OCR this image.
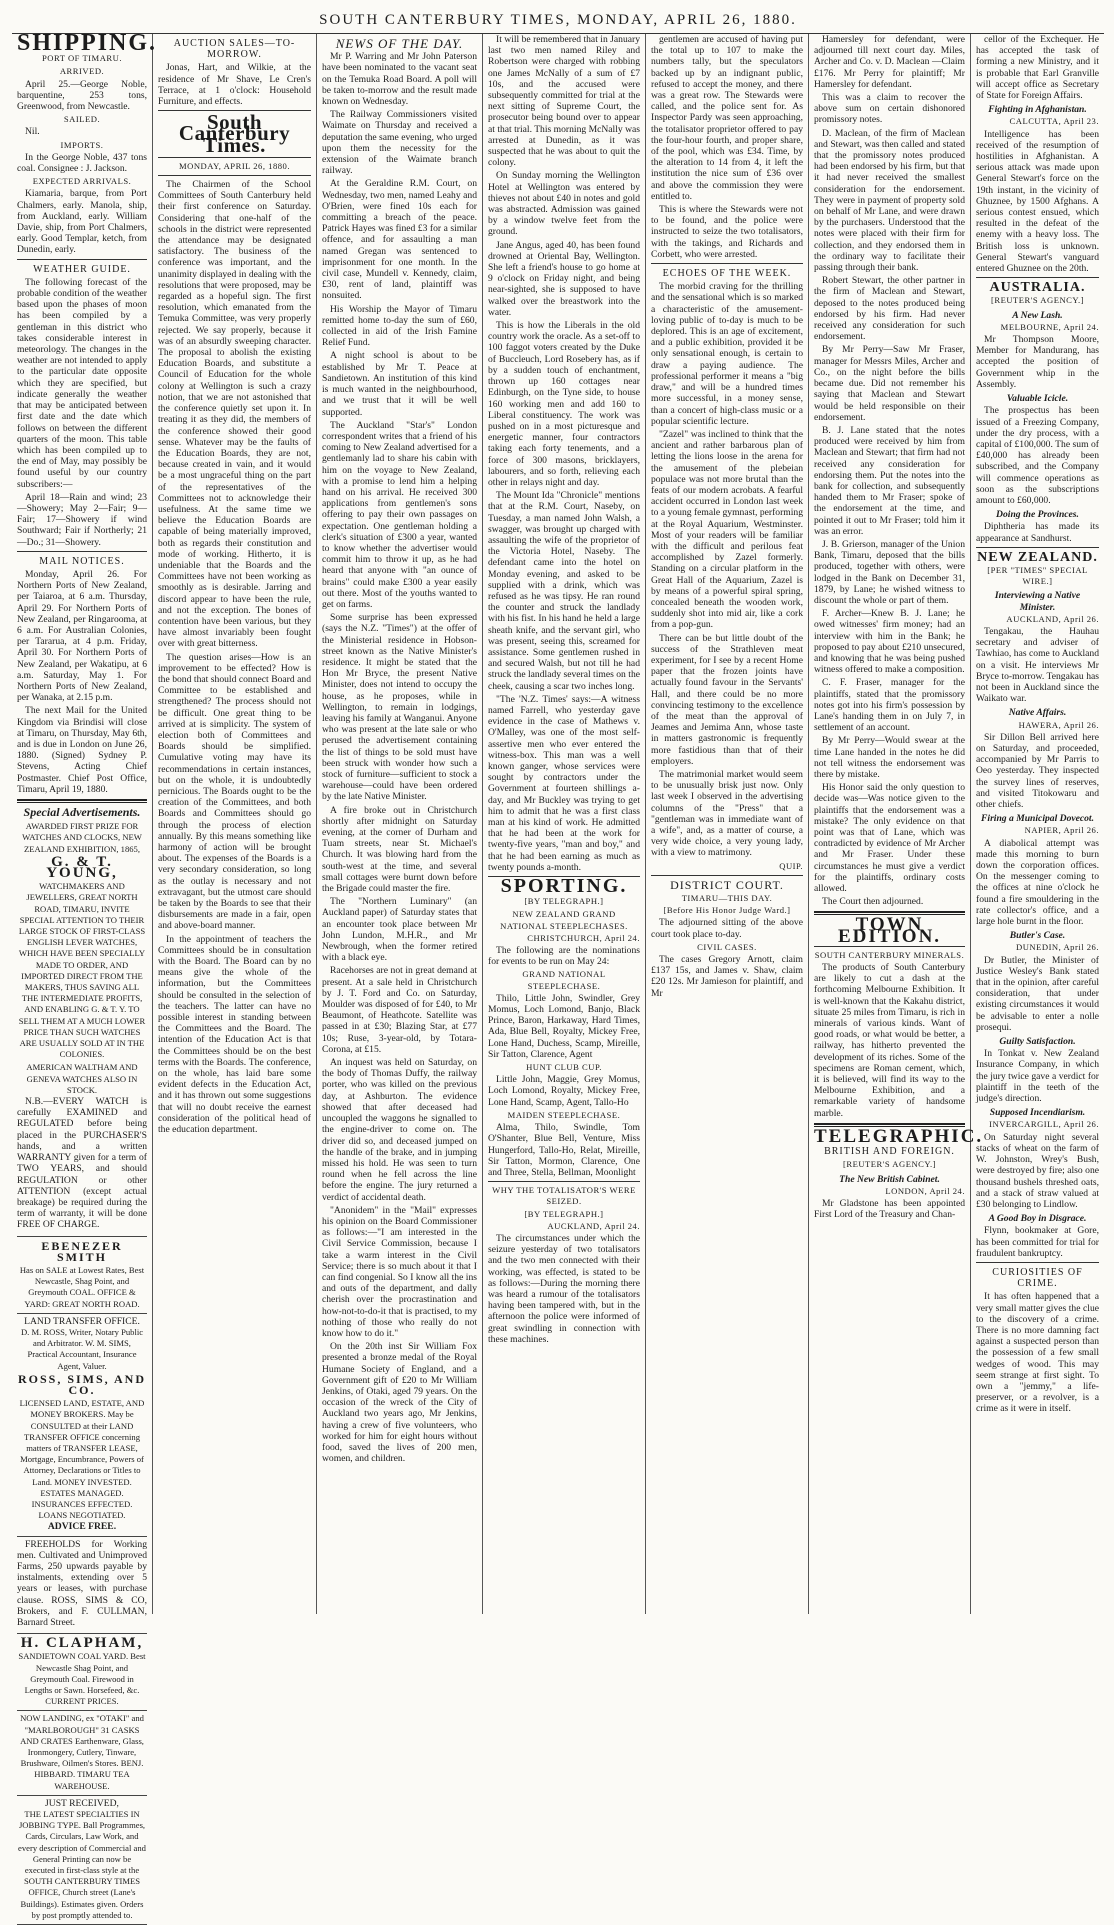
SOUTH CANTERBURY TIMES, MONDAY, APRIL 26, 1880.
SHIPPING.
PORT OF TIMARU.
ARRIVED.

April 25.—George Noble, barquentine, 253 tons, Greenwood, from Newcastle.

SAILED.

Nil.

IMPORTS.

In the George Noble, 437 tons coal. Consignee : J. Jackson.

EXPECTED ARRIVALS.

Kiamaria, barque, from Port Chalmers, early. Manola, ship, from Auckland, early. William Davie, ship, from Port Chalmers, early. Good Templar, ketch, from Dunedin, early.

WEATHER GUIDE.

The following forecast of the probable condition of the weather based upon the phases of moon has been compiled by a gentleman in this district who takes considerable interest in meteorology. The changes in the weather are not intended to apply to the particular date opposite which they are specified, but indicate generally the weather that may be anticipated between first date and the date which follows on between the different quarters of the moon. This table which has been compiled up to the end of May, may possibly be found useful by our country subscribers:—

April 18—Rain and wind; 23—Showery; May 2—Fair; 9—Fair; 17—Showery if wind Southward; Fair if Northerly; 21—Do.; 31—Showery.

MAIL NOTICES.

Monday, April 26. For Northern Ports of New Zealand, per Taiaroa, at 6 a.m. Thursday, April 29. For Northern Ports of New Zealand, per Ringarooma, at 6 a.m. For Australian Colonies, per Tararua, at 4 p.m. Friday, April 30. For Northern Ports of New Zealand, per Wakatipu, at 6 a.m. Saturday, May 1. For Northern Ports of New Zealand, per Wanaka, at 2.15 p.m.

The next Mail for the United Kingdom via Brindisi will close at Timaru, on Thursday, May 6th, and is due in London on June 26, 1880. (Signed) Sydney P. Stevens, Acting Chief Postmaster. Chief Post Office, Timaru, April 19, 1880.

Special Advertisements.
AWARDED FIRST PRIZE FOR WATCHES AND CLOCKS, NEW ZEALAND EXHIBITION, 1865,
G. & T. YOUNG,
WATCHMAKERS AND JEWELLERS, GREAT NORTH ROAD, TIMARU, INVITE SPECIAL ATTENTION TO THEIR LARGE STOCK OF FIRST-CLASS ENGLISH LEVER WATCHES, WHICH HAVE BEEN SPECIALLY MADE TO ORDER, AND IMPORTED DIRECT FROM THE MAKERS, THUS SAVING ALL THE INTERMEDIATE PROFITS, AND ENABLING G. & T. Y. TO SELL THEM AT A MUCH LOWER PRICE THAN SUCH WATCHES ARE USUALLY SOLD AT IN THE COLONIES.
AMERICAN WALTHAM AND GENEVA WATCHES ALSO IN STOCK.

N.B.—EVERY WATCH is carefully EXAMINED and REGULATED before being placed in the PURCHASER'S hands, and a written WARRANTY given for a term of TWO YEARS, and should REGULATION or other ATTENTION (except actual breakage) be required during the term of warranty, it will be done FREE OF CHARGE.

EBENEZER SMITH
Has on SALE at Lowest Rates, Best Newcastle, Shag Point, and Greymouth COAL. OFFICE & YARD: GREAT NORTH ROAD.
LAND TRANSFER OFFICE.
D. M. ROSS, Writer, Notary Public and Arbitrator. W. M. SIMS, Practical Accountant, Insurance Agent, Valuer.
ROSS, SIMS, AND CO.
LICENSED LAND, ESTATE, AND MONEY BROKERS. May be CONSULTED at their LAND TRANSFER OFFICE concerning matters of TRANSFER LEASE, Mortgage, Encumbrance, Powers of Attorney, Declarations or Titles to Land. MONEY INVESTED. ESTATES MANAGED. INSURANCES EFFECTED. LOANS NEGOTIATED.
ADVICE FREE.

FREEHOLDS for Working men. Cultivated and Unimproved Farms, 250 upwards payable by instalments, extending over 5 years or leases, with purchase clause. ROSS, SIMS & CO, Brokers, and F. CULLMAN, Barnard Street.

H. CLAPHAM,
SANDIETOWN COAL YARD. Best Newcastle Shag Point, and Greymouth Coal. Firewood in Lengths or Sawn. Horsefeed, &c. CURRENT PRICES.
NOW LANDING, ex "OTAKI" and "MARLBOROUGH" 31 CASKS AND CRATES Earthenware, Glass, Ironmongery, Cutlery, Tinware, Brushware, Oilmen's Stores. BENJ. HIBBARD. TIMARU TEA WAREHOUSE.
JUST RECEIVED,
THE LATEST SPECIALTIES IN JOBBING TYPE. Ball Programmes, Cards, Circulars, Law Work, and every description of Commercial and General Printing can now be executed in first-class style at the SOUTH CANTERBURY TIMES OFFICE, Church street (Lane's Buildings). Estimates given. Orders by post promptly attended to.
AUCTION SALES—TO-MORROW.

Jonas, Hart, and Wilkie, at the residence of Mr Shave, Le Cren's Terrace, at 1 o'clock: Household Furniture, and effects.

South Canterbury Times.
MONDAY, APRIL 26, 1880.

The Chairmen of the School Committees of South Canterbury held their first conference on Saturday. Considering that one-half of the schools in the district were represented the attendance may be designated satisfactory. The business of the conference was important, and the unanimity displayed in dealing with the resolutions that were proposed, may be regarded as a hopeful sign. The first resolution, which emanated from the Temuka Committee, was very properly rejected. We say properly, because it was of an absurdly sweeping character. The proposal to abolish the existing Education Boards, and substitute a Council of Education for the whole colony at Wellington is such a crazy notion, that we are not astonished that the conference quietly set upon it. In treating it as they did, the members of the conference showed their good sense. Whatever may be the faults of the Education Boards, they are not, because created in vain, and it would be a most ungraceful thing on the part of the representatives of the Committees not to acknowledge their usefulness. At the same time we believe the Education Boards are capable of being materially improved, both as regards their constitution and mode of working. Hitherto, it is undeniable that the Boards and the Committees have not been working as smoothly as is desirable. Jarring and discord appear to have been the rule, and not the exception. The bones of contention have been various, but they have almost invariably been fought over with great bitterness.

The question arises—How is an improvement to be effected? How is the bond that should connect Board and Committee to be established and strengthened? The process should not be difficult. One great thing to be arrived at is simplicity. The system of election both of Committees and Boards should be simplified. Cumulative voting may have its recommendations in certain instances, but on the whole, it is undoubtedly pernicious. The Boards ought to be the creation of the Committees, and both Boards and Committees should go through the process of election annually. By this means something like harmony of action will be brought about. The expenses of the Boards is a very secondary consideration, so long as the outlay is necessary and not extravagant, but the utmost care should be taken by the Boards to see that their disbursements are made in a fair, open and above-board manner.

In the appointment of teachers the Committees should be in consultation with the Board. The Board can by no means give the whole of the information, but the Committees should be consulted in the selection of the teachers. The latter can have no possible interest in standing between the Committees and the Board. The intention of the Education Act is that the Committees should be on the best terms with the Boards. The conference, on the whole, has laid bare some evident defects in the Education Act, and it has thrown out some suggestions that will no doubt receive the earnest consideration of the political head of the education department.

NEWS OF THE DAY.

Mr P. Warring and Mr John Paterson have been nominated to the vacant seat on the Temuka Road Board. A poll will be taken to-morrow and the result made known on Wednesday.

The Railway Commissioners visited Waimate on Thursday and received a deputation the same evening, who urged upon them the necessity for the extension of the Waimate branch railway.

At the Geraldine R.M. Court, on Wednesday, two men, named Leahy and O'Brien, were fined 10s each for committing a breach of the peace. Patrick Hayes was fined £3 for a similar offence, and for assaulting a man named Gregan was sentenced to imprisonment for one month. In the civil case, Mundell v. Kennedy, claim, £30, rent of land, plaintiff was nonsuited.

His Worship the Mayor of Timaru remitted home to-day the sum of £60, collected in aid of the Irish Famine Relief Fund.

A night school is about to be established by Mr T. Peace at Sandietown. An institution of this kind is much wanted in the neighbourhood, and we trust that it will be well supported.

The Auckland "Star's" London correspondent writes that a friend of his coming to New Zealand advertised for a gentlemanly lad to share his cabin with him on the voyage to New Zealand, with a promise to lend him a helping hand on his arrival. He received 300 applications from gentlemen's sons offering to pay their own passages on expectation. One gentleman holding a clerk's situation of £300 a year, wanted to know whether the advertiser would commit him to throw it up, as he had heard that anyone with "an ounce of brains" could make £300 a year easily out there. Most of the youths wanted to get on farms.

Some surprise has been expressed (says the N.Z. "Times") at the offer of the Ministerial residence in Hobson-street known as the Native Minister's residence. It might be stated that the Hon Mr Bryce, the present Native Minister, does not intend to occupy the house, as he proposes, while in Wellington, to remain in lodgings, leaving his family at Wanganui. Anyone who was present at the late sale or who perused the advertisement containing the list of things to be sold must have been struck with wonder how such a stock of furniture—sufficient to stock a warehouse—could have been ordered by the late Native Minister.

A fire broke out in Christchurch shortly after midnight on Saturday evening, at the corner of Durham and Tuam streets, near St. Michael's Church. It was blowing hard from the south-west at the time, and several small cottages were burnt down before the Brigade could master the fire.

The "Northern Luminary" (an Auckland paper) of Saturday states that an encounter took place between Mr John Lundon, M.H.R., and Mr Newbrough, when the former retired with a black eye.

Racehorses are not in great demand at present. At a sale held in Christchurch by J. T. Ford and Co. on Saturday, Moulder was disposed of for £40, to Mr Beaumont, of Heathcote. Satellite was passed in at £30; Blazing Star, at £77 10s; Ruse, 3-year-old, by Totara-Corona, at £15.

An inquest was held on Saturday, on the body of Thomas Duffy, the railway porter, who was killed on the previous day, at Ashburton. The evidence showed that after deceased had uncoupled the waggons he signalled to the engine-driver to come on. The driver did so, and deceased jumped on the handle of the brake, and in jumping missed his hold. He was seen to turn round when he fell across the line before the engine. The jury returned a verdict of accidental death.

"Anonidem" in the "Mail" expresses his opinion on the Board Commissioner as follows:—"I am interested in the Civil Service Commission, because I take a warm interest in the Civil Service; there is so much about it that I can find congenial. So I know all the ins and outs of the department, and dally cherish over the procrastination and how-not-to-do-it that is practised, to my nothing of those who really do not know how to do it."

On the 20th inst Sir William Fox presented a bronze medal of the Royal Humane Society of England, and a Government gift of £20 to Mr William Jenkins, of Otaki, aged 79 years. On the occasion of the wreck of the City of Auckland two years ago, Mr Jenkins, having a crew of five volunteers, who worked for him for eight hours without food, saved the lives of 200 men, women, and children.

It will be remembered that in January last two men named Riley and Robertson were charged with robbing one James McNally of a sum of £7 10s, and the accused were subsequently committed for trial at the next sitting of Supreme Court, the prosecutor being bound over to appear at that trial. This morning McNally was arrested at Dunedin, as it was suspected that he was about to quit the colony.

On Sunday morning the Wellington Hotel at Wellington was entered by thieves not about £40 in notes and gold was abstracted. Admission was gained by a window twelve feet from the ground.

Jane Angus, aged 40, has been found drowned at Oriental Bay, Wellington. She left a friend's house to go home at 9 o'clock on Friday night, and being near-sighted, she is supposed to have walked over the breastwork into the water.

This is how the Liberals in the old country work the oracle. As a set-off to 100 faggot voters created by the Duke of Buccleuch, Lord Rosebery has, as if by a sudden touch of enchantment, thrown up 160 cottages near Edinburgh, on the Tyne side, to house 160 working men and add 160 to Liberal constituency. The work was pushed on in a most picturesque and energetic manner, four contractors taking each forty tenements, and a force of 300 masons, bricklayers, labourers, and so forth, relieving each other in relays night and day.

The Mount Ida "Chronicle" mentions that at the R.M. Court, Naseby, on Tuesday, a man named John Walsh, a swagger, was brought up charged with assaulting the wife of the proprietor of the Victoria Hotel, Naseby. The defendant came into the hotel on Monday evening, and asked to be supplied with a drink, which was refused as he was tipsy. He ran round the counter and struck the landlady with his fist. In his hand he held a large sheath knife, and the servant girl, who was present, seeing this, screamed for assistance. Some gentlemen rushed in and secured Walsh, but not till he had struck the landlady several times on the cheek, causing a scar two inches long.

"The 'N.Z. Times' says:—A witness named Farrell, who yesterday gave evidence in the case of Mathews v. O'Malley, was one of the most self-assertive men who ever entered the witness-box. This man was a well known ganger, whose services were sought by contractors under the Government at fourteen shillings a-day, and Mr Buckley was trying to get him to admit that he was a first class man at his kind of work. He admitted that he had been at the work for twenty-five years, "man and boy," and that he had been earning as much as twenty pounds a-month.

SPORTING.
[BY TELEGRAPH.]
NEW ZEALAND GRAND NATIONAL STEEPLECHASES.
CHRISTCHURCH, April 24.

The following are the nominations for events to be run on May 24:

GRAND NATIONAL STEEPLECHASE.

Thilo, Little John, Swindler, Grey Momus, Loch Lomond, Banjo, Black Prince, Baron, Harkaway, Hard Times, Ada, Blue Bell, Royalty, Mickey Free, Lone Hand, Duchess, Scamp, Mireille, Sir Tatton, Clarence, Agent

HUNT CLUB CUP.

Little John, Maggie, Grey Momus, Loch Lomond, Royalty, Mickey Free, Lone Hand, Scamp, Agent, Tallo-Ho

MAIDEN STEEPLECHASE.

Alma, Thilo, Swindle, Tom O'Shanter, Blue Bell, Venture, Miss Hungerford, Tallo-Ho, Relat, Mireille, Sir Tatton, Mormon, Clarence, One and Three, Stella, Bellman, Moonlight

WHY THE TOTALISATOR'S WERE SEIZED.
[BY TELEGRAPH.]
AUCKLAND, April 24.

The circumstances under which the seizure yesterday of two totalisators and the two men connected with their working, was effected, is stated to be as follows:—During the morning there was heard a rumour of the totalisators having been tampered with, but in the afternoon the police were informed of great swindling in connection with these machines.

gentlemen are accused of having put the total up to 107 to make the numbers tally, but the speculators backed up by an indignant public, refused to accept the money, and there was a great row. The Stewards were called, and the police sent for. As Inspector Pardy was seen approaching, the totalisator proprietor offered to pay the four-hour fourth, and proper share, of the pool, which was £34. Time, by the alteration to 14 from 4, it left the institution the nice sum of £36 over and above the commission they were entitled to.

This is where the Stewards were not to be found, and the police were instructed to seize the two totalisators, with the takings, and Richards and Corbett, who were arrested.

ECHOES OF THE WEEK.

The morbid craving for the thrilling and the sensational which is so marked a characteristic of the amusement-loving public of to-day is much to be deplored. This is an age of excitement, and a public exhibition, provided it be only sensational enough, is certain to draw a paying audience. The professional performer it means a "big draw," and will be a hundred times more successful, in a money sense, than a concert of high-class music or a popular scientific lecture.

"Zazel" was inclined to think that the ancient and rather barbarous plan of letting the lions loose in the arena for the amusement of the plebeian populace was not more brutal than the feats of our modern acrobats. A fearful accident occurred in London last week to a young female gymnast, performing at the Royal Aquarium, Westminster. Most of your readers will be familiar with the difficult and perilous feat accomplished by Zazel formerly. Standing on a circular platform in the Great Hall of the Aquarium, Zazel is by means of a powerful spiral spring, concealed beneath the wooden work, suddenly shot into mid air, like a cork from a pop-gun.

There can be but little doubt of the success of the Strathleven meat experiment, for I see by a recent Home paper that the frozen joints have actually found favour in the Servants' Hall, and there could be no more convincing testimony to the excellence of the meat than the approval of Jeames and Jemima Ann, whose taste in matters gastronomic is frequently more fastidious than that of their employers.

The matrimonial market would seem to be unusually brisk just now. Only last week I observed in the advertising columns of the "Press" that a "gentleman was in immediate want of a wife", and, as a matter of course, a very wide choice, a very young lady, with a view to matrimony.

QUIP.
DISTRICT COURT.
TIMARU—THIS DAY.
[Before His Honor Judge Ward.]

The adjourned sitting of the above court took place to-day.

CIVIL CASES.

The cases Gregory Arnott, claim £137 15s, and James v. Shaw, claim £20 12s. Mr Jamieson for plaintiff, and Mr

Hamersley for defendant, were adjourned till next court day. Miles, Archer and Co. v. D. Maclean —Claim £176. Mr Perry for plaintiff; Mr Hamersley for defendant.

This was a claim to recover the above sum on certain dishonored promissory notes.

D. Maclean, of the firm of Maclean and Stewart, was then called and stated that the promissory notes produced had been endorsed by his firm, but that it had never received the smallest consideration for the endorsement. They were in payment of property sold on behalf of Mr Lane, and were drawn by the purchasers. Understood that the notes were placed with their firm for collection, and they endorsed them in the ordinary way to facilitate their passing through their bank.

Robert Stewart, the other partner in the firm of Maclean and Stewart, deposed to the notes produced being endorsed by his firm. Had never received any consideration for such endorsement.

By Mr Perry—Saw Mr Fraser, manager for Messrs Miles, Archer and Co., on the night before the bills became due. Did not remember his saying that Maclean and Stewart would be held responsible on their endorsement.

B. J. Lane stated that the notes produced were received by him from Maclean and Stewart; that firm had not received any consideration for endorsing them. Put the notes into the bank for collection, and subsequently handed them to Mr Fraser; spoke of the endorsement at the time, and pointed it out to Mr Fraser; told him it was an error.

J. B. Grierson, manager of the Union Bank, Timaru, deposed that the bills produced, together with others, were lodged in the Bank on December 31, 1879, by Lane; he wished witness to discount the whole or part of them.

F. Archer—Knew B. J. Lane; he owed witnesses' firm money; had an interview with him in the Bank; he proposed to pay about £210 unsecured, and knowing that he was being pushed witness offered to make a composition.

C. F. Fraser, manager for the plaintiffs, stated that the promissory notes got into his firm's possession by Lane's handing them in on July 7, in settlement of an account.

By Mr Perry—Would swear at the time Lane handed in the notes he did not tell witness the endorsement was there by mistake.

His Honor said the only question to decide was—Was notice given to the plaintiffs that the endorsement was a mistake? The only evidence on that point was that of Lane, which was contradicted by evidence of Mr Archer and Mr Fraser. Under these circumstances he must give a verdict for the plaintiffs, ordinary costs allowed.

The Court then adjourned.

TOWN EDITION.
SOUTH CANTERBURY MINERALS.

The products of South Canterbury are likely to cut a dash at the forthcoming Melbourne Exhibition. It is well-known that the Kakahu district, situate 25 miles from Timaru, is rich in minerals of various kinds. Want of good roads, or what would be better, a railway, has hitherto prevented the development of its riches. Some of the specimens are Roman cement, which, it is believed, will find its way to the Melbourne Exhibition, and a remarkable variety of handsome marble.

TELEGRAPHIC.
BRITISH AND FOREIGN.
[REUTER'S AGENCY.]
The New British Cabinet.
LONDON, April 24.

Mr Gladstone has been appointed First Lord of the Treasury and Chan-

cellor of the Exchequer. He has accepted the task of forming a new Ministry, and it is probable that Earl Granville will accept office as Secretary of State for Foreign Affairs.

Fighting in Afghanistan.
CALCUTTA, April 23.

Intelligence has been received of the resumption of hostilities in Afghanistan. A serious attack was made upon General Stewart's force on the 19th instant, in the vicinity of Ghuznee, by 1500 Afghans. A serious contest ensued, which resulted in the defeat of the enemy with a heavy loss. The British loss is unknown. General Stewart's vanguard entered Ghuznee on the 20th.

AUSTRALIA.
[REUTER'S AGENCY.]
A New Lash.
MELBOURNE, April 24.

Mr Thompson Moore, Member for Mandurang, has accepted the position of Government whip in the Assembly.

Valuable Icicle.

The prospectus has been issued of a Freezing Company, under the dry process, with a capital of £100,000. The sum of £40,000 has already been subscribed, and the Company will commence operations as soon as the subscriptions amount to £60,000.

Doing the Provinces.

Diphtheria has made its appearance at Sandhurst.

NEW ZEALAND.
[PER "TIMES" SPECIAL WIRE.]
Interviewing a Native Minister.
AUCKLAND, April 26.

Tengakau, the Hauhau secretary and adviser of Tawhiao, has come to Auckland on a visit. He interviews Mr Bryce to-morrow. Tengakau has not been in Auckland since the Waikato war.

Native Affairs.
HAWERA, April 26.

Sir Dillon Bell arrived here on Saturday, and proceeded, accompanied by Mr Parris to Oeo yesterday. They inspected the survey lines of reserves, and visited Titokowaru and other chiefs.

Firing a Municipal Dovecot.
NAPIER, April 26.

A diabolical attempt was made this morning to burn down the corporation offices. On the messenger coming to the offices at nine o'clock he found a fire smouldering in the rate collector's office, and a large hole burnt in the floor.

Butler's Case.
DUNEDIN, April 26.

Dr Butler, the Minister of Justice Wesley's Bank stated that in the opinion, after careful consideration, that under existing circumstances it would be advisable to enter a nolle prosequi.

Guilty Satisfaction.

In Tonkat v. New Zealand Insurance Company, in which the jury twice gave a verdict for plaintiff in the teeth of the judge's direction.

Supposed Incendiarism.
INVERCARGILL, April 26.

On Saturday night several stacks of wheat on the farm of W. Johnston, Wrey's Bush, were destroyed by fire; also one thousand bushels threshed oats, and a stack of straw valued at £30 belonging to Lindlow.

A Good Boy in Disgrace.

Flynn, bookmaker at Gore, has been committed for trial for fraudulent bankruptcy.

CURIOSITIES OF CRIME.

It has often happened that a very small matter gives the clue to the discovery of a crime. There is no more damning fact against a suspected person than the possession of a few small wedges of wood. This may seem strange at first sight. To own a "jemmy," a life-preserver, or a revolver, is a crime as it were in itself.
